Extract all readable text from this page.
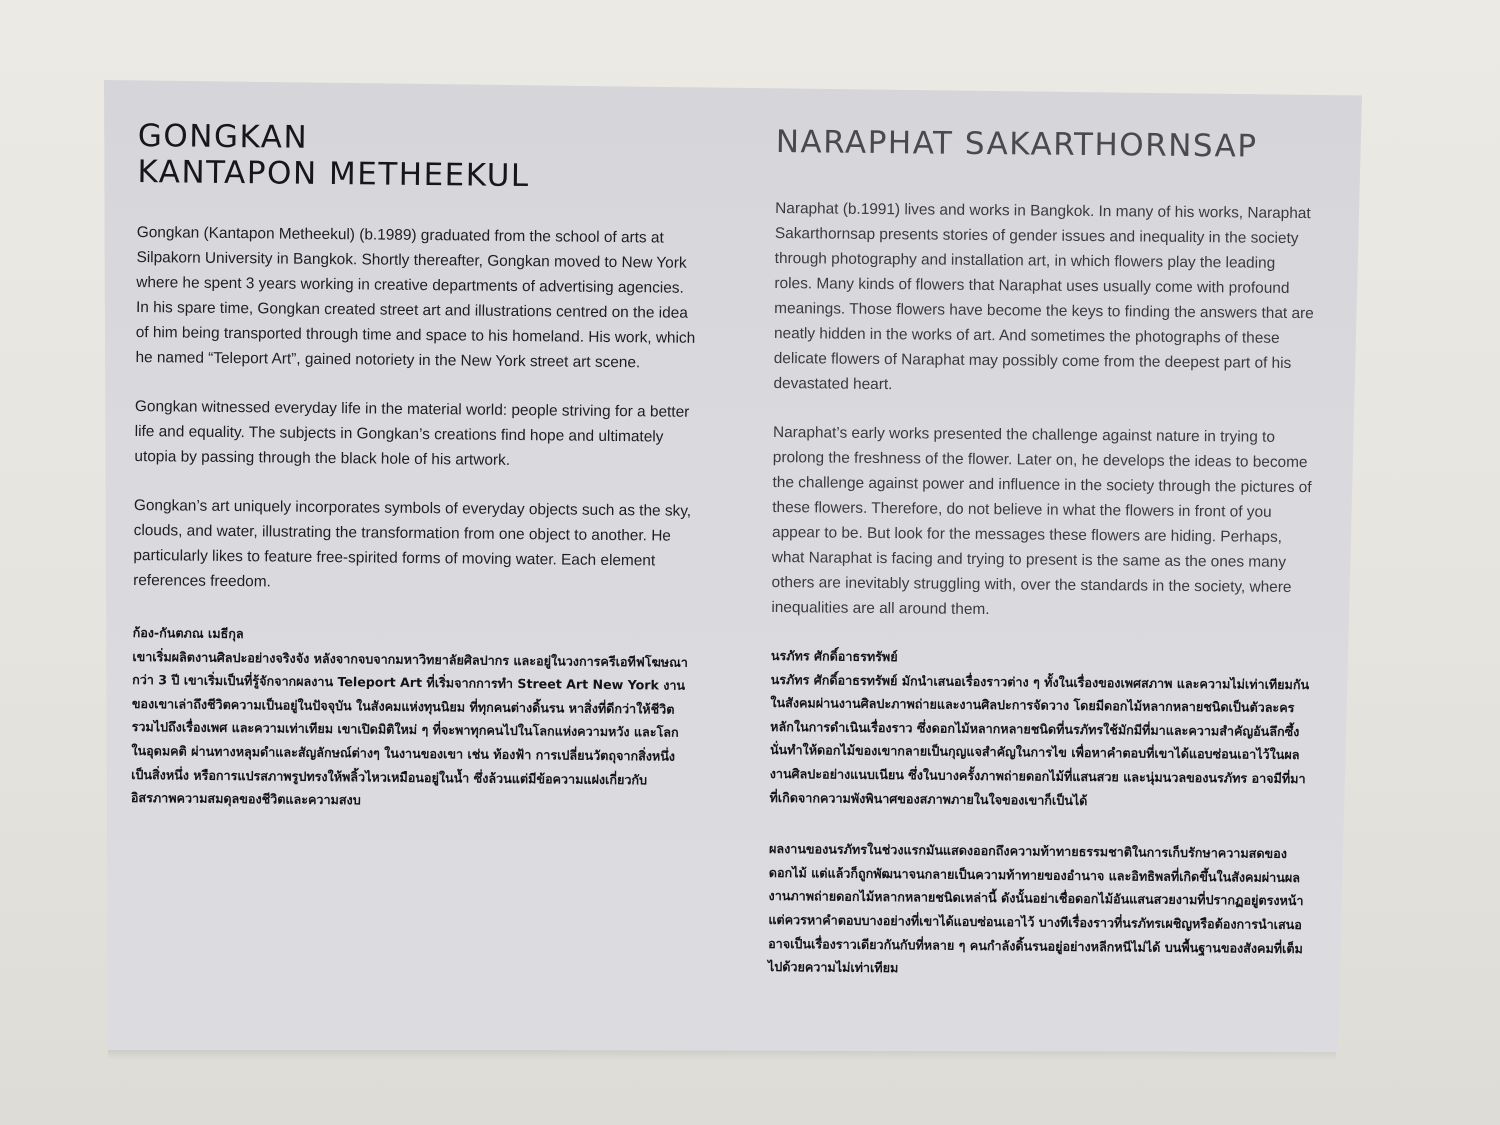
GONGKAN
KANTAPON METHEEKUL

Gongkan (Kantapon Metheekul) (b.1989) graduated from the school of arts at Silpakorn University in Bangkok. Shortly thereafter, Gongkan moved to New York where he spent 3 years working in creative departments of advertising agencies. In his spare time, Gongkan created street art and illustrations centred on the idea of him being transported through time and space to his homeland. His work, which he named “Teleport Art”, gained notoriety in the New York street art scene.

Gongkan witnessed everyday life in the material world: people striving for a better life and equality. The subjects in Gongkan’s creations find hope and ultimately utopia by passing through the black hole of his artwork.

Gongkan’s art uniquely incorporates symbols of everyday objects such as the sky, clouds, and water, illustrating the transformation from one object to another. He particularly likes to feature free-spirited forms of moving water. Each element references freedom.

ก้อง-กันตภณ เมธีกุล
เขาเริ่มผลิตงานศิลปะอย่างจริงจัง หลังจากจบจากมหาวิทยาลัยศิลปากร และอยู่ในวงการครีเอทีฟโฆษณากว่า 3 ปี เขาเริ่มเป็นที่รู้จักจากผลงาน Teleport Art ที่เริ่มจากการทำ Street Art New York งานของเขาเล่าถึงชีวิตความเป็นอยู่ในปัจจุบัน ในสังคมแห่งทุนนิยม ที่ทุกคนต่างดิ้นรน หาสิ่งที่ดีกว่าให้ชีวิตรวมไปถึงเรื่องเพศ และความเท่าเทียม เขาเปิดมิติใหม่ ๆ ที่จะพาทุกคนไปในโลกแห่งความหวัง และโลกในอุดมคติ ผ่านทางหลุมดำและสัญลักษณ์ต่างๆ ในงานของเขา เช่น ท้องฟ้า การเปลี่ยนวัตถุจากสิ่งหนึ่ง เป็นสิ่งหนึ่ง หรือการแปรสภาพรูปทรงให้พลิ้วไหวเหมือนอยู่ในน้ำ ซึ่งล้วนแต่มีข้อความแฝงเกี่ยวกับอิสรภาพความสมดุลของชีวิตและความสงบ
NARAPHAT SAKARTHORNSAP

Naraphat (b.1991) lives and works in Bangkok. In many of his works, Naraphat Sakarthornsap presents stories of gender issues and inequality in the society through photography and installation art, in which flowers play the leading roles. Many kinds of flowers that Naraphat uses usually come with profound meanings. Those flowers have become the keys to finding the answers that are neatly hidden in the works of art. And sometimes the photographs of these delicate flowers of Naraphat may possibly come from the deepest part of his devastated heart.

Naraphat’s early works presented the challenge against nature in trying to prolong the freshness of the flower. Later on, he develops the ideas to become the challenge against power and influence in the society through the pictures of these flowers. Therefore, do not believe in what the flowers in front of you appear to be. But look for the messages these flowers are hiding. Perhaps, what Naraphat is facing and trying to present is the same as the ones many others are inevitably struggling with, over the standards in the society, where inequalities are all around them.

นรภัทร ศักดิ์อาธรทรัพย์
นรภัทร ศักดิ์อาธรทรัพย์ มักนำเสนอเรื่องราวต่าง ๆ ทั้งในเรื่องของเพศสภาพ และความไม่เท่าเทียมกันในสังคมผ่านงานศิลปะภาพถ่ายและงานศิลปะการจัดวาง โดยมีดอกไม้หลากหลายชนิดเป็นตัวละครหลักในการดำเนินเรื่องราว ซึ่งดอกไม้หลากหลายชนิดที่นรภัทรใช้มักมีที่มาและความสำคัญอันลึกซึ้ง นั่นทำให้ดอกไม้ของเขากลายเป็นกุญแจสำคัญในการไข เพื่อหาคำตอบที่เขาได้แอบซ่อนเอาไว้ในผลงานศิลปะอย่างแนบเนียน ซึ่งในบางครั้งภาพถ่ายดอกไม้ที่แสนสวย และนุ่มนวลของนรภัทร อาจมีที่มาที่เกิดจากความพังพินาศของสภาพภายในใจของเขาก็เป็นได้

ผลงานของนรภัทรในช่วงแรกมันแสดงออกถึงความท้าทายธรรมชาติในการเก็บรักษาความสดของดอกไม้ แต่แล้วก็ถูกพัฒนาจนกลายเป็นความท้าทายของอำนาจ และอิทธิพลที่เกิดขึ้นในสังคมผ่านผลงานภาพถ่ายดอกไม้หลากหลายชนิดเหล่านี้ ดังนั้นอย่าเชื่อดอกไม้อันแสนสวยงามที่ปรากฏอยู่ตรงหน้า แต่ควรหาคำตอบบางอย่างที่เขาได้แอบซ่อนเอาไว้ บางทีเรื่องราวที่นรภัทรเผชิญหรือต้องการนำเสนอ อาจเป็นเรื่องราวเดียวกันกับที่หลาย ๆ คนกำลังดิ้นรนอยู่อย่างหลีกหนีไม่ได้ บนพื้นฐานของสังคมที่เต็มไปด้วยความไม่เท่าเทียม
